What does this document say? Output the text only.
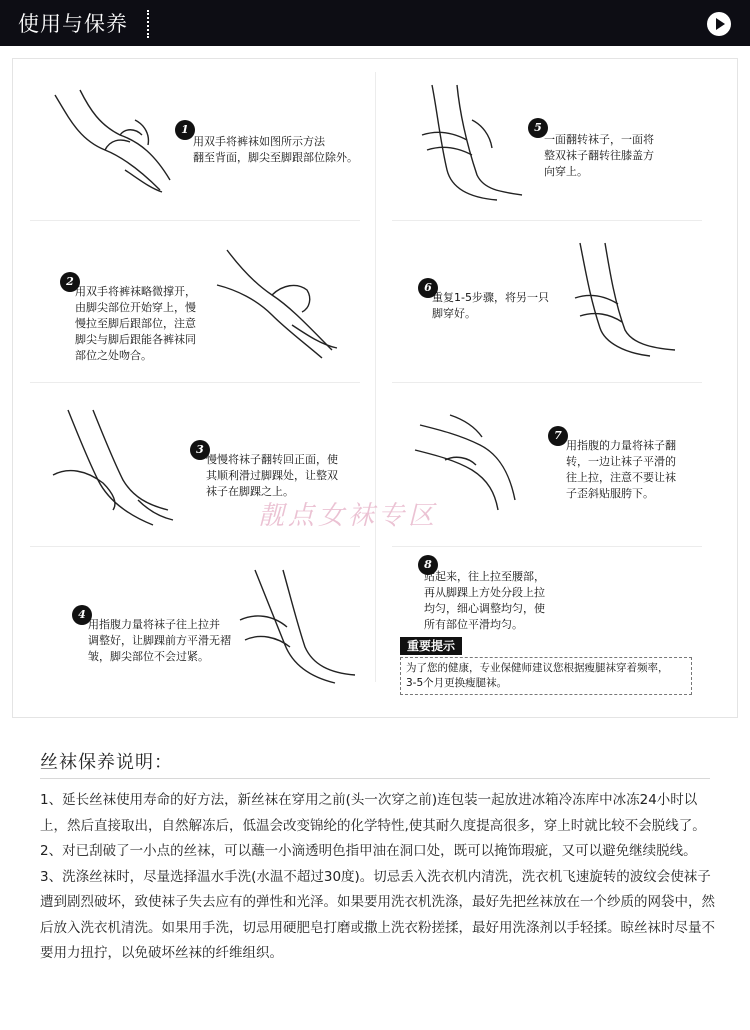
使用与保养
1
用双手将裤袜如图所示方法
翻至背面，脚尖至脚跟部位除外。
5
一面翻转袜子，一面将
整双袜子翻转往膝盖方
向穿上。
2
用双手将裤袜略微撑开，
由脚尖部位开始穿上，慢
慢拉至脚后跟部位，注意
脚尖与脚后跟能各裤袜同
部位之处吻合。
6
重复1-5步骤，将另一只
脚穿好。
3
慢慢将袜子翻转回正面，使
其顺利滑过脚踝处，让整双
袜子在脚踝之上。
7
用指腹的力量将袜子翻
转，一边让袜子平滑的
往上拉，注意不要让袜
子歪斜贴服胯下。
4
用指腹力量将袜子往上拉并
调整好，让脚踝前方平滑无褶
皱，脚尖部位不会过紧。
8
站起来，往上拉至腰部，
再从脚踝上方处分段上拉
均匀，细心调整均匀，使
所有部位平滑均匀。
重要提示
为了您的健康，专业保健师建议您根据瘦腿袜穿着频率，
3-5个月更换瘦腿袜。
靓点女袜专区
丝袜保养说明：

1、延长丝袜使用寿命的好方法，新丝袜在穿用之前(头一次穿之前)连包装一起放进冰箱冷冻库中冰冻24小时以上，然后直接取出，自然解冻后，低温会改变锦纶的化学特性,使其耐久度提高很多，穿上时就比较不会脱线了。

2、对已刮破了一小点的丝袜，可以蘸一小滴透明色指甲油在洞口处，既可以掩饰瑕疵，又可以避免继续脱线。

3、洗涤丝袜时，尽量选择温水手洗(水温不超过30度)。切忌丢入洗衣机内清洗，洗衣机飞速旋转的波纹会使袜子遭到剧烈破坏，致使袜子失去应有的弹性和光泽。如果要用洗衣机洗涤，最好先把丝袜放在一个纱质的网袋中，然后放入洗衣机清洗。如果用手洗，切忌用硬肥皂打磨或撒上洗衣粉搓揉，最好用洗涤剂以手轻揉。晾丝袜时尽量不要用力扭拧，以免破坏丝袜的纤维组织。
